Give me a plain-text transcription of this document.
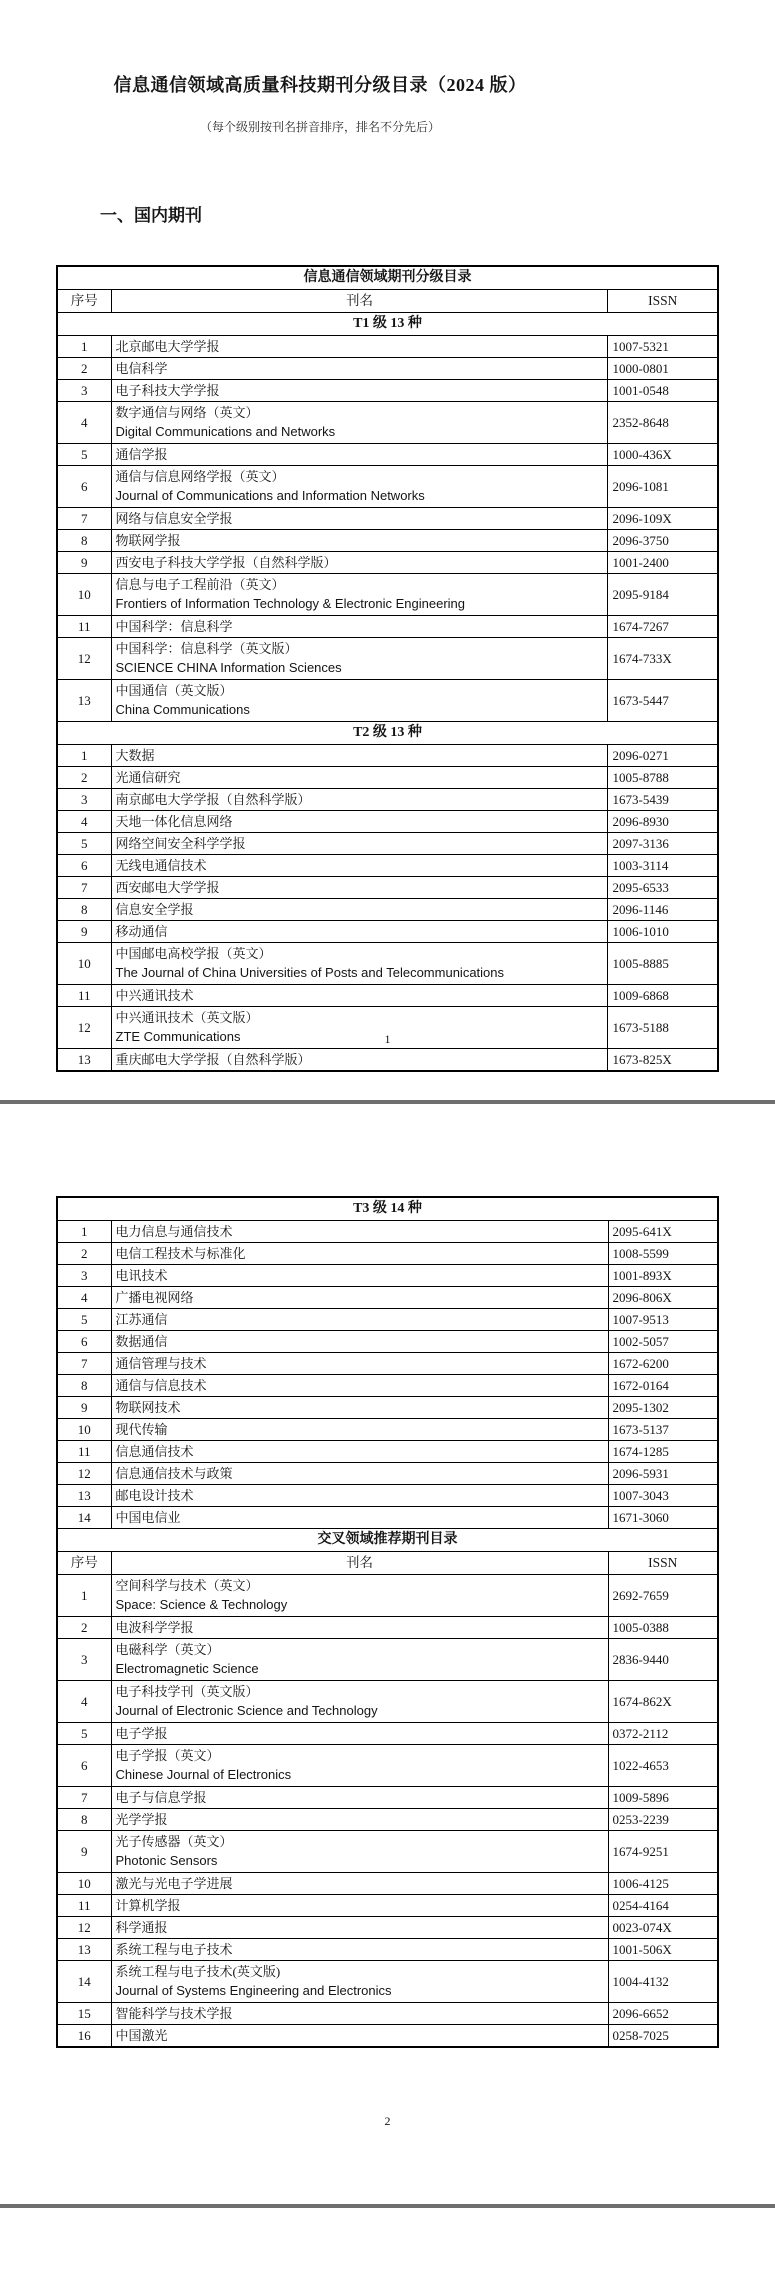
信息通信领域高质量科技期刊分级目录（2024 版）

（每个级别按刊名拼音排序，排名不分先后）

一、国内期刊
信息通信领域期刊分级目录		
序号	刊名	ISSN
T1 级 13 种		
1	北京邮电大学学报	1007-5321
2	电信科学	1000-0801
3	电子科技大学学报	1001-0548
4	数字通信与网络（英文）
Digital Communications and Networks	2352-8648
5	通信学报	1000-436X
6	通信与信息网络学报（英文）
Journal of Communications and Information Networks	2096-1081
7	网络与信息安全学报	2096-109X
8	物联网学报	2096-3750
9	西安电子科技大学学报（自然科学版）	1001-2400
10	信息与电子工程前沿（英文）
Frontiers of Information Technology & Electronic Engineering	2095-9184
11	中国科学：信息科学	1674-7267
12	中国科学：信息科学（英文版）
SCIENCE CHINA Information Sciences	1674-733X
13	中国通信（英文版）
China Communications	1673-5447
T2 级 13 种		
1	大数据	2096-0271
2	光通信研究	1005-8788
3	南京邮电大学学报（自然科学版）	1673-5439
4	天地一体化信息网络	2096-8930
5	网络空间安全科学学报	2097-3136
6	无线电通信技术	1003-3114
7	西安邮电大学学报	2095-6533
8	信息安全学报	2096-1146
9	移动通信	1006-1010
10	中国邮电高校学报（英文）
The Journal of China Universities of Posts and Telecommunications	1005-8885
11	中兴通讯技术	1009-6868
12	中兴通讯技术（英文版）
ZTE Communications	1673-5188
13	重庆邮电大学学报（自然科学版）	1673-825X
1
T3 级 14 种		
1	电力信息与通信技术	2095-641X
2	电信工程技术与标准化	1008-5599
3	电讯技术	1001-893X
4	广播电视网络	2096-806X
5	江苏通信	1007-9513
6	数据通信	1002-5057
7	通信管理与技术	1672-6200
8	通信与信息技术	1672-0164
9	物联网技术	2095-1302
10	现代传输	1673-5137
11	信息通信技术	1674-1285
12	信息通信技术与政策	2096-5931
13	邮电设计技术	1007-3043
14	中国电信业	1671-3060
交叉领域推荐期刊目录		
序号	刊名	ISSN
1	空间科学与技术（英文）
Space: Science & Technology	2692-7659
2	电波科学学报	1005-0388
3	电磁科学（英文）
Electromagnetic Science	2836-9440
4	电子科技学刊（英文版）
Journal of Electronic Science and Technology	1674-862X
5	电子学报	0372-2112
6	电子学报（英文）
Chinese Journal of Electronics	1022-4653
7	电子与信息学报	1009-5896
8	光学学报	0253-2239
9	光子传感器（英文）
Photonic Sensors	1674-9251
10	激光与光电子学进展	1006-4125
11	计算机学报	0254-4164
12	科学通报	0023-074X
13	系统工程与电子技术	1001-506X
14	系统工程与电子技术(英文版)
Journal of Systems Engineering and Electronics	1004-4132
15	智能科学与技术学报	2096-6652
16	中国激光	0258-7025
2
